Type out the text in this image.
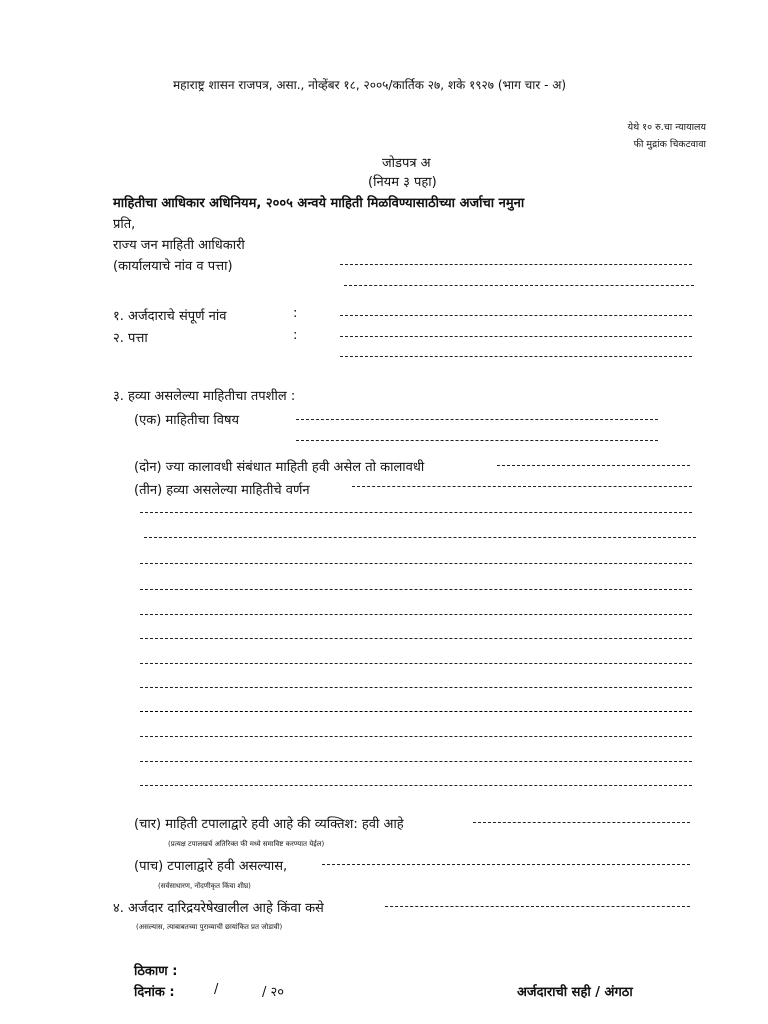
महाराष्ट्र शासन राजपत्र, असा., नोव्हेंबर १८, २००५/कार्तिक २७, शके १९२७ (भाग चार - अ)
येथे १० रु.चा न्यायालय
फी मुद्रांक चिकटवावा
जोडपत्र अ
(नियम ३ पहा)
माहितीचा आधिकार अधिनियम, २००५ अन्वये माहिती मिळविण्यासाठीच्या अर्जाचा नमुना
प्रति,
राज्य जन माहिती आधिकारी
(कार्यालयाचे नांव व पत्ता)
१. अर्जदाराचे संपूर्ण नांव	:
२. पत्ता	:
३. हव्या असलेल्या माहितीचा तपशील :
(एक) माहितीचा विषय
(दोन) ज्या कालावधी संबंधात माहिती हवी असेल तो कालावधी
(तीन) हव्या असलेल्या माहितीचे वर्णन
(चार) माहिती टपालाद्वारे हवी आहे की व्यक्तिश: हवी आहे
(प्रत्यक्ष टपालखर्च अतिरिक्त फी मध्ये समाविष्ट करण्यात येईल)
(पाच) टपालाद्वारे हवी असल्यास,
(सर्वसाधारण, नोंदणीकृत किंवा शीघ्र)
४. अर्जदार दारिद्रयरेषेखालील आहे किंवा कसे
(असल्यास, त्याबाबतच्या पुराव्याची छायांकित प्रत जोडावी)
ठिकाण :
दिनांक :	/	/ २०	अर्जदाराची सही / अंगठा
